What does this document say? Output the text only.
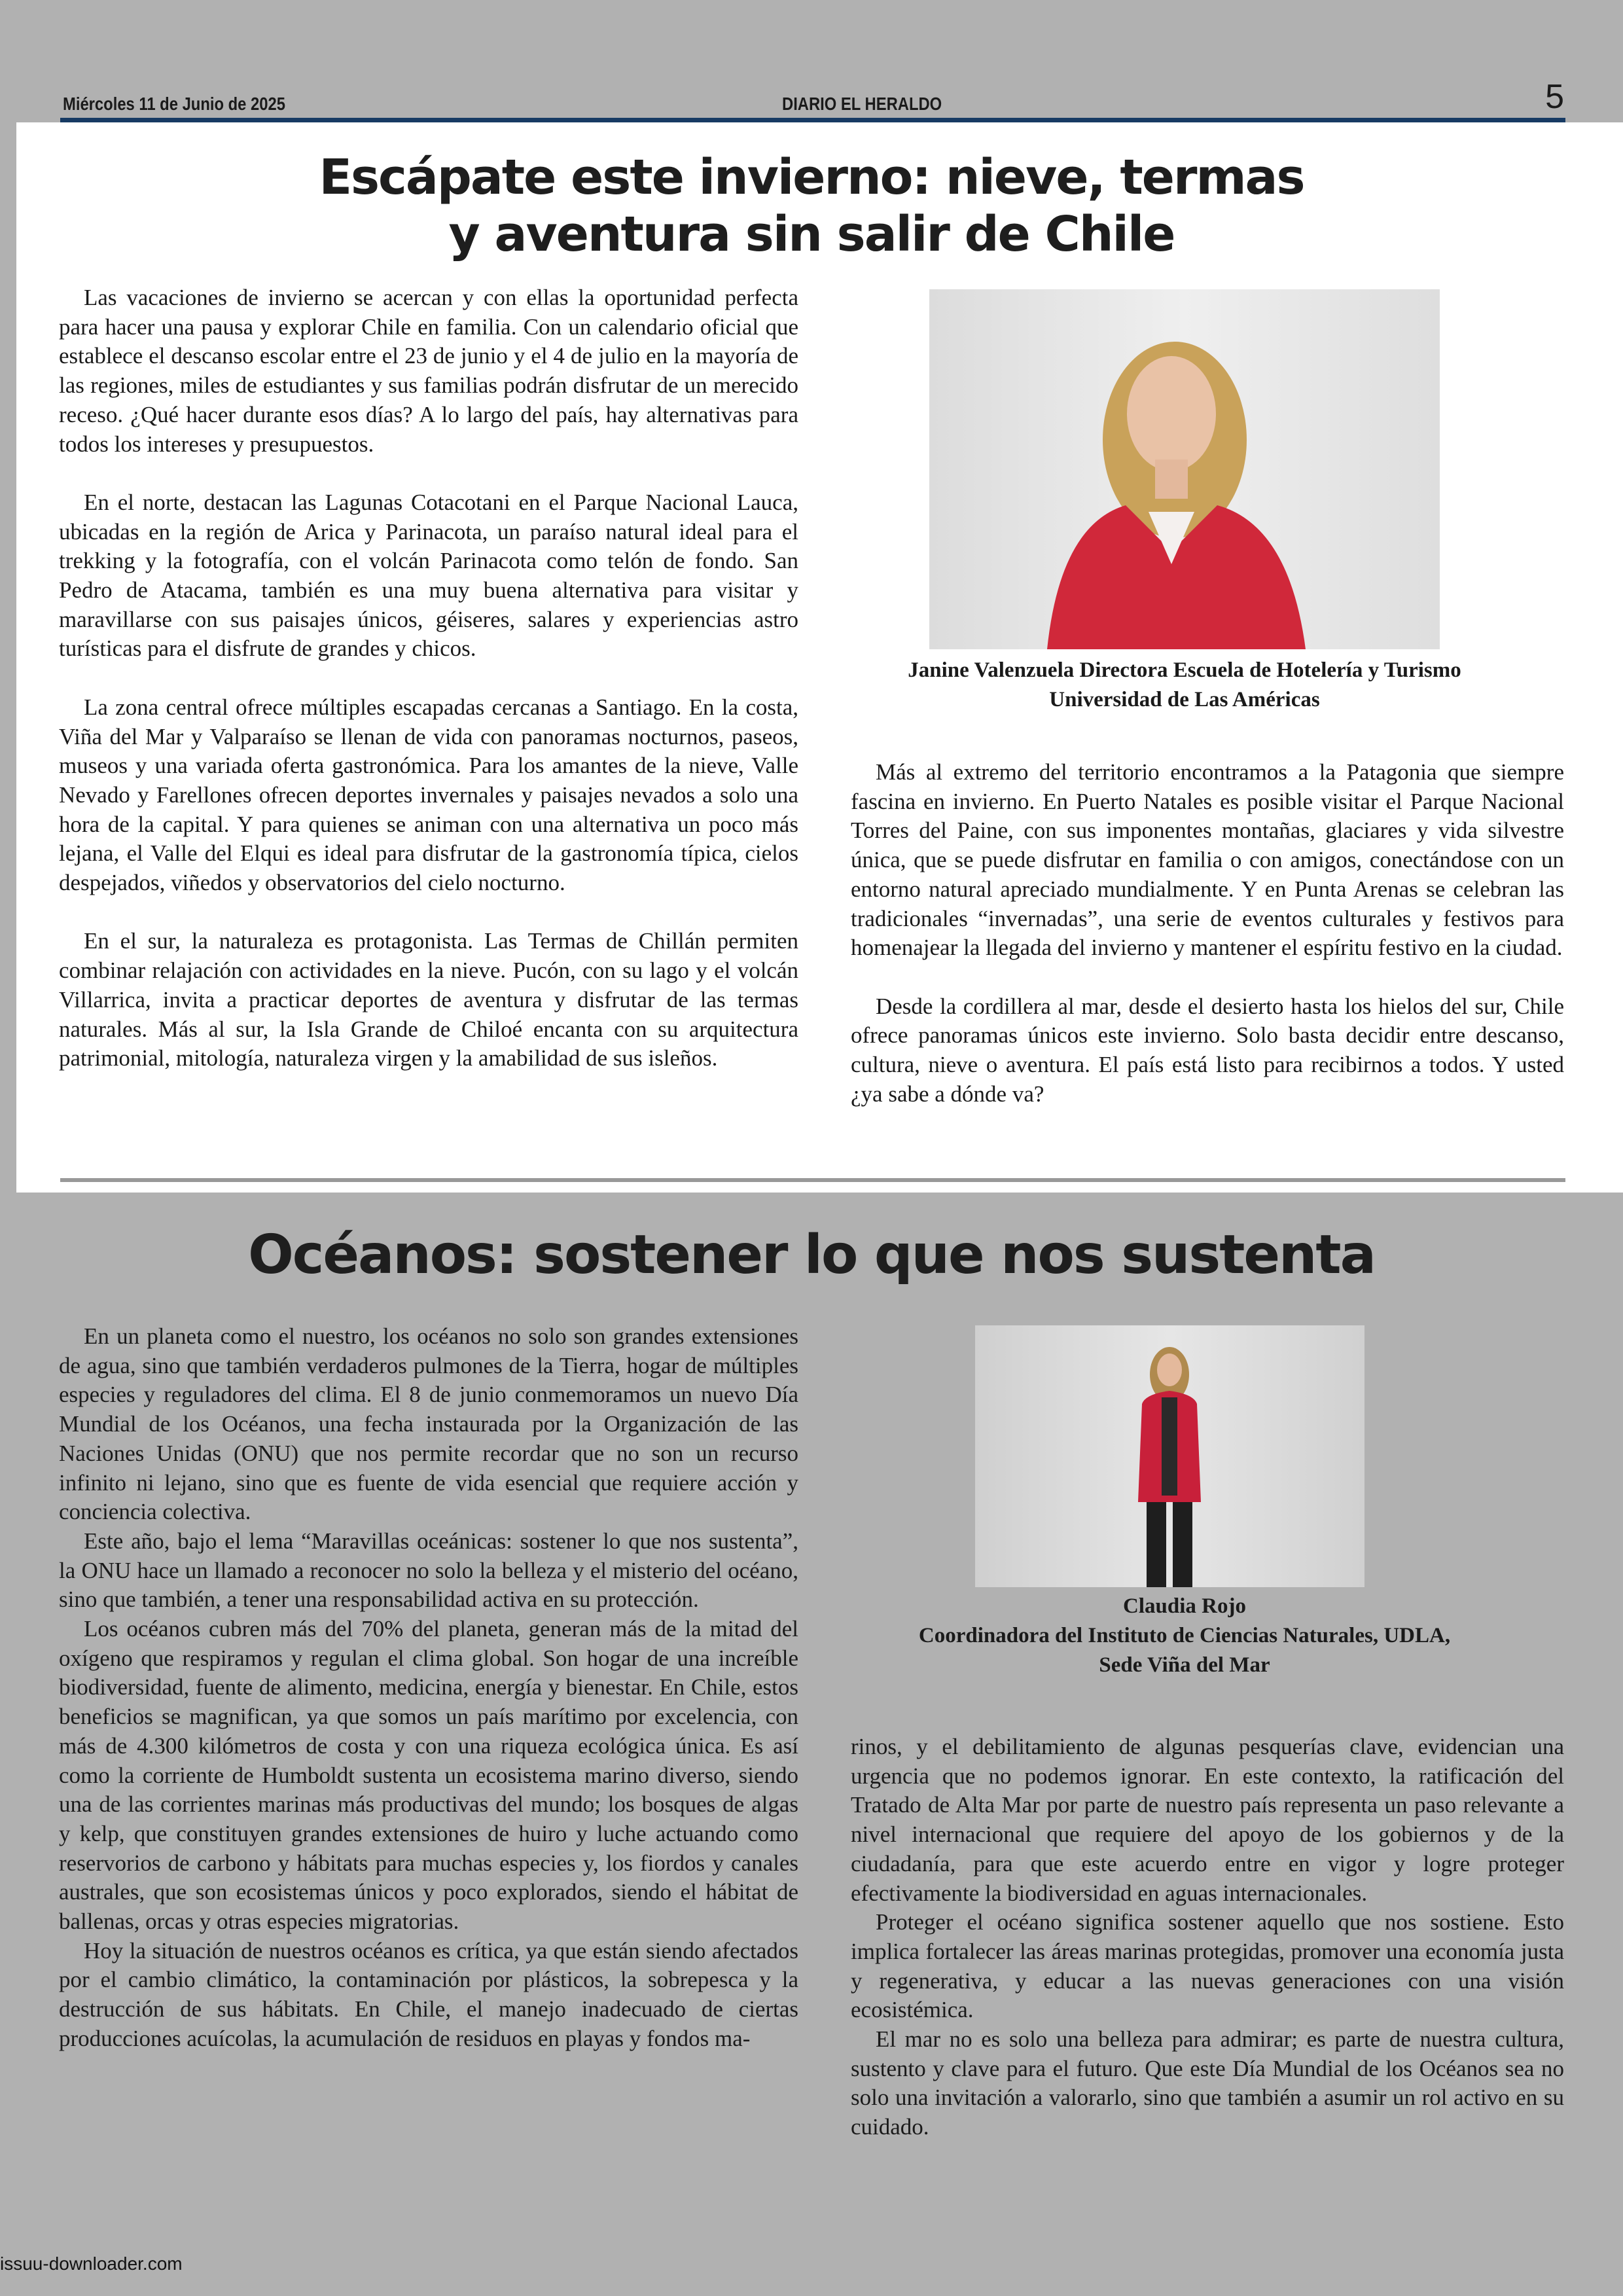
Miércoles 11 de Junio de 2025	DIARIO EL HERALDO	5
Escápate este invierno: nieve, termas
y aventura sin salir de Chile

Las vacaciones de invierno se acercan y con ellas la oportunidad perfecta para hacer una pausa y explorar Chile en familia. Con un calendario oficial que establece el descanso escolar entre el 23 de junio y el 4 de julio en la mayoría de las regiones, miles de estudiantes y sus familias podrán disfrutar de un merecido receso. ¿Qué hacer durante esos días? A lo largo del país, hay alternativas para todos los intereses y presupuestos.

En el norte, destacan las Lagunas Cotacotani en el Parque Nacional Lauca, ubicadas en la región de Arica y Parinacota, un paraíso natural ideal para el trekking y la fotografía, con el volcán Parinacota como telón de fondo. San Pedro de Atacama, también es una muy buena alternativa para visitar y maravillarse con sus paisajes únicos, géiseres, salares y experiencias astro turísticas para el disfrute de grandes y chicos.

La zona central ofrece múltiples escapadas cercanas a Santiago. En la costa, Viña del Mar y Valparaíso se llenan de vida con panoramas nocturnos, paseos, museos y una variada oferta gastronómica. Para los amantes de la nieve, Valle Nevado y Farellones ofrecen deportes invernales y paisajes nevados a solo una hora de la capital. Y para quienes se animan con una alternativa un poco más lejana, el Valle del Elqui es ideal para disfrutar de la gastronomía típica, cielos despejados, viñedos y observatorios del cielo nocturno.

En el sur, la naturaleza es protagonista. Las Termas de Chillán permiten combinar relajación con actividades en la nieve. Pucón, con su lago y el volcán Villarrica, invita a practicar deportes de aventura y disfrutar de las termas naturales. Más al sur, la Isla Grande de Chiloé encanta con su arquitectura patrimonial, mitología, naturaleza virgen y la amabilidad de sus isleños.

Janine Valenzuela Directora Escuela de Hotelería y Turismo
Universidad de Las Américas

Más al extremo del territorio encontramos a la Patagonia que siempre fascina en invierno. En Puerto Natales es posible visitar el Parque Nacional Torres del Paine, con sus imponentes montañas, glaciares y vida silvestre única, que se puede disfrutar en familia o con amigos, conectándose con un entorno natural apreciado mundialmente. Y en Punta Arenas se celebran las tradicionales “invernadas”, una serie de eventos culturales y festivos para homenajear la llegada del invierno y mantener el espíritu festivo en la ciudad.

Desde la cordillera al mar, desde el desierto hasta los hielos del sur, Chile ofrece panoramas únicos este invierno. Solo basta decidir entre descanso, cultura, nieve o aventura. El país está listo para recibirnos a todos. Y usted ¿ya sabe a dónde va?

Océanos: sostener lo que nos sustenta

En un planeta como el nuestro, los océanos no solo son grandes extensiones de agua, sino que también verdaderos pulmones de la Tierra, hogar de múltiples especies y reguladores del clima. El 8 de junio conmemoramos un nuevo Día Mundial de los Océanos, una fecha instaurada por la Organización de las Naciones Unidas (ONU) que nos permite recordar que no son un recurso infinito ni lejano, sino que es fuente de vida esencial que requiere acción y conciencia colectiva.

Este año, bajo el lema “Maravillas oceánicas: sostener lo que nos sustenta”, la ONU hace un llamado a reconocer no solo la belleza y el misterio del océano, sino que también, a tener una responsabilidad activa en su protección.

Los océanos cubren más del 70% del planeta, generan más de la mitad del oxígeno que respiramos y regulan el clima global. Son hogar de una increíble biodiversidad, fuente de alimento, medicina, energía y bienestar. En Chile, estos beneficios se magnifican, ya que somos un país marítimo por excelencia, con más de 4.300 kilómetros de costa y con una riqueza ecológica única. Es así como la corriente de Humboldt sustenta un ecosistema marino diverso, siendo una de las corrientes marinas más productivas del mundo; los bosques de algas y kelp, que constituyen grandes extensiones de huiro y luche actuando como reservorios de carbono y hábitats para muchas especies y, los fiordos y canales australes, que son ecosistemas únicos y poco explorados, siendo el hábitat de ballenas, orcas y otras especies migratorias.

Hoy la situación de nuestros océanos es crítica, ya que están siendo afectados por el cambio climático, la contaminación por plásticos, la sobrepesca y la destrucción de sus hábitats. En Chile, el manejo inadecuado de ciertas producciones acuícolas, la acumulación de residuos en playas y fondos ma-

Claudia Rojo
Coordinadora del Instituto de Ciencias Naturales, UDLA,
Sede Viña del Mar

rinos, y el debilitamiento de algunas pesquerías clave, evidencian una urgencia que no podemos ignorar. En este contexto, la ratificación del Tratado de Alta Mar por parte de nuestro país representa un paso relevante a nivel internacional que requiere del apoyo de los gobiernos y de la ciudadanía, para que este acuerdo entre en vigor y logre proteger efectivamente la biodiversidad en aguas internacionales.

Proteger el océano significa sostener aquello que nos sostiene. Esto implica fortalecer las áreas marinas protegidas, promover una economía justa y regenerativa, y educar a las nuevas generaciones con una visión ecosistémica.

El mar no es solo una belleza para admirar; es parte de nuestra cultura, sustento y clave para el futuro. Que este Día Mundial de los Océanos sea no solo una invitación a valorarlo, sino que también a asumir un rol activo en su cuidado.

issuu-downloader.com
